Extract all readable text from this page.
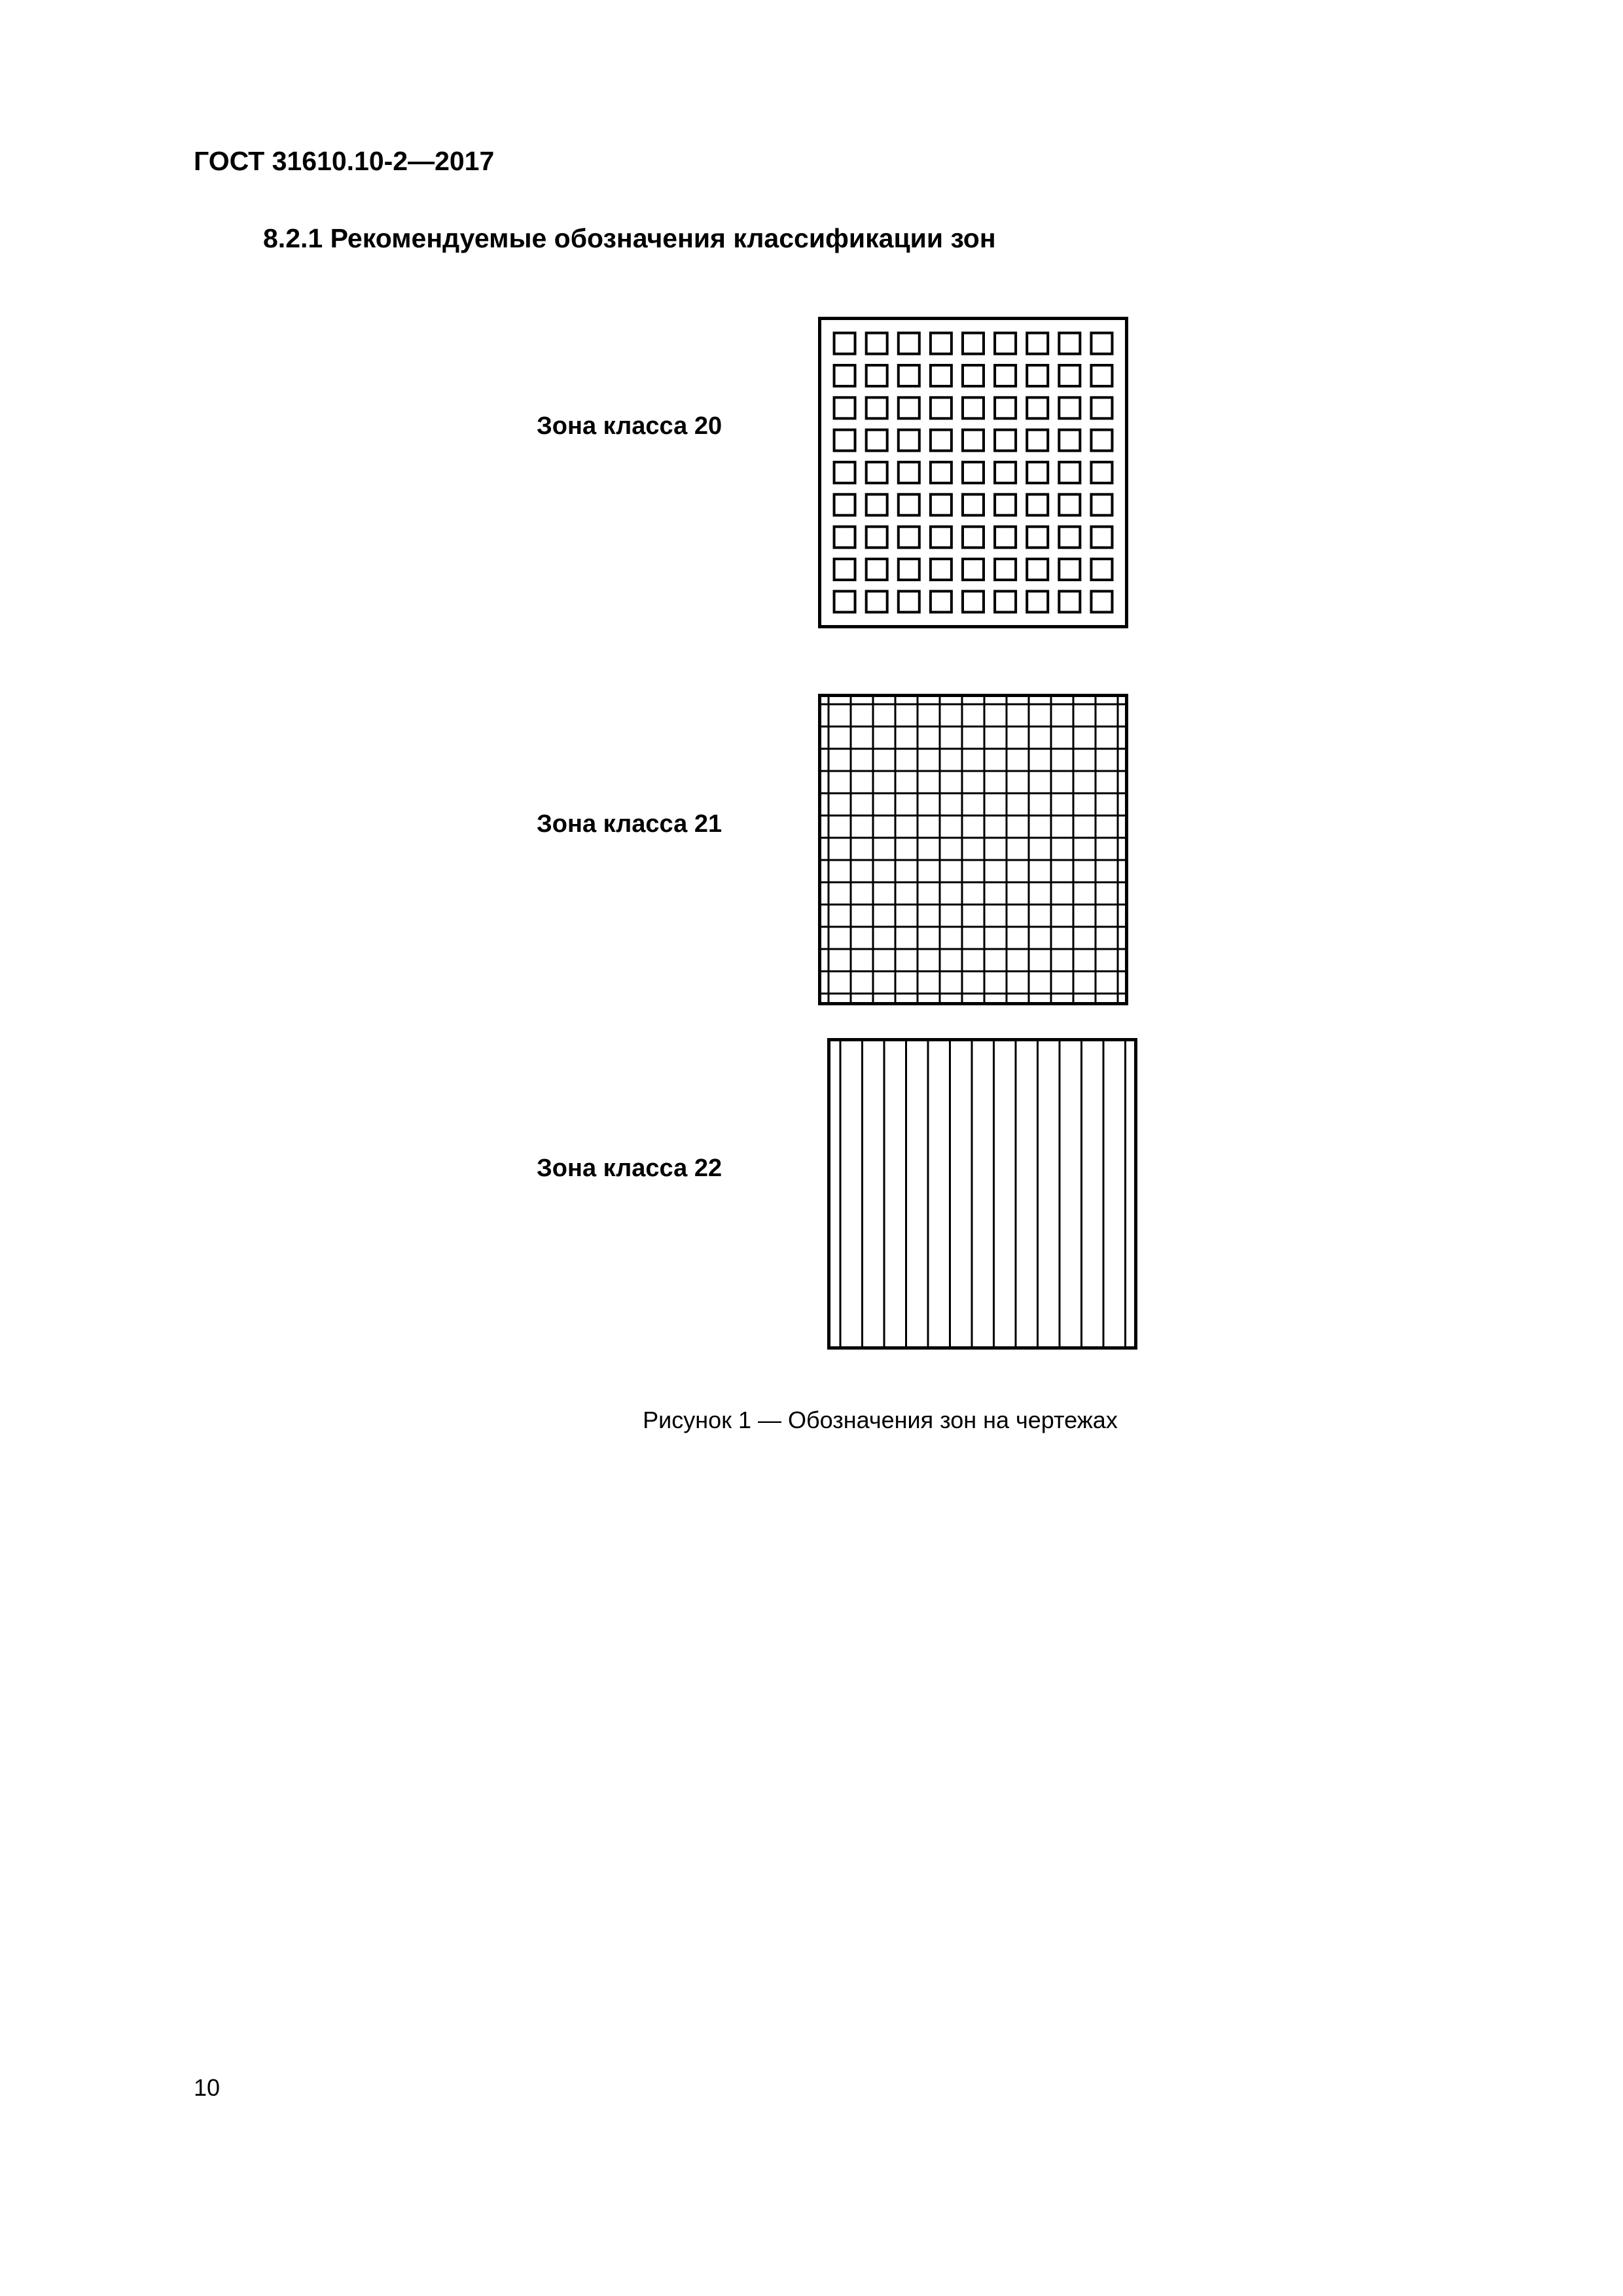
ГОСТ 31610.10-2—2017
8.2.1 Рекомендуемые обозначения классификации зон
Зона класса 20
Зона класса 21
Зона класса 22
Рисунок 1 — Обозначения зон на чертежах
10
